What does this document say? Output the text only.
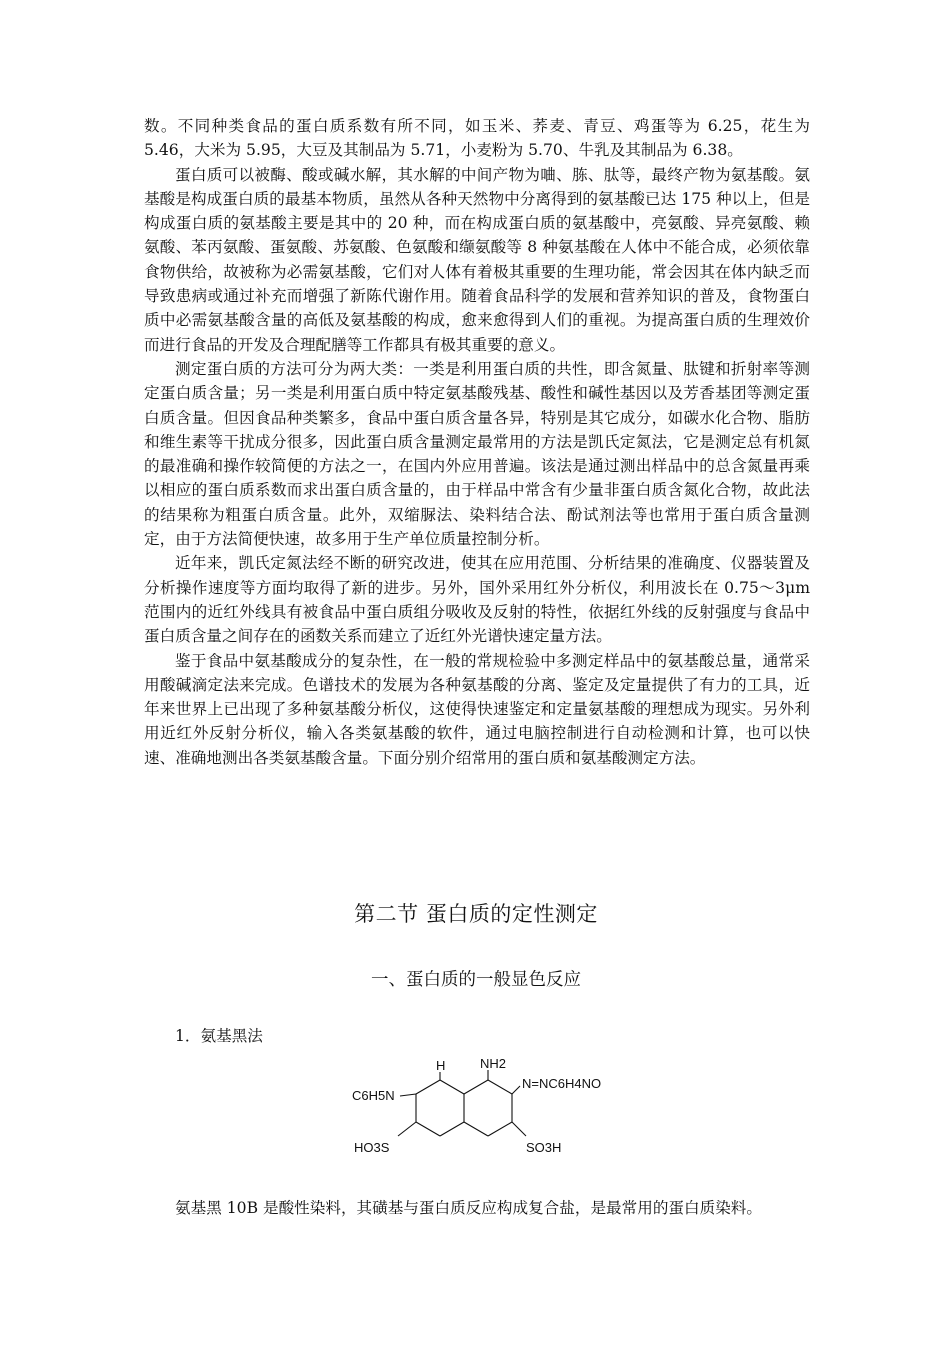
数。不同种类食品的蛋白质系数有所不同，如玉米、荞麦、青豆、鸡蛋等为 6.25，花生为 5.46，大米为 5.95，大豆及其制品为 5.71，小麦粉为 5.70、牛乳及其制品为 6.38。

蛋白质可以被酶、酸或碱水解，其水解的中间产物为㖆、胨、肽等，最终产物为氨基酸。氨基酸是构成蛋白质的最基本物质，虽然从各种天然物中分离得到的氨基酸已达 175 种以上，但是构成蛋白质的氨基酸主要是其中的 20 种，而在构成蛋白质的氨基酸中，亮氨酸、异亮氨酸、赖氨酸、苯丙氨酸、蛋氨酸、苏氨酸、色氨酸和缬氨酸等 8 种氨基酸在人体中不能合成，必须依靠食物供给，故被称为必需氨基酸，它们对人体有着极其重要的生理功能，常会因其在体内缺乏而导致患病或通过补充而增强了新陈代谢作用。随着食品科学的发展和营养知识的普及，食物蛋白质中必需氨基酸含量的高低及氨基酸的构成，愈来愈得到人们的重视。为提高蛋白质的生理效价而进行食品的开发及合理配膳等工作都具有极其重要的意义。

测定蛋白质的方法可分为两大类：一类是利用蛋白质的共性，即含氮量、肽键和折射率等测定蛋白质含量；另一类是利用蛋白质中特定氨基酸残基、酸性和碱性基因以及芳香基团等测定蛋白质含量。但因食品种类繁多，食品中蛋白质含量各异，特别是其它成分，如碳水化合物、脂肪和维生素等干扰成分很多，因此蛋白质含量测定最常用的方法是凯氏定氮法，它是测定总有机氮的最准确和操作较简便的方法之一，在国内外应用普遍。该法是通过测出样品中的总含氮量再乘以相应的蛋白质系数而求出蛋白质含量的，由于样品中常含有少量非蛋白质含氮化合物，故此法的结果称为粗蛋白质含量。此外，双缩脲法、染料结合法、酚试剂法等也常用于蛋白质含量测定，由于方法简便快速，故多用于生产单位质量控制分析。

近年来，凯氏定氮法经不断的研究改进，使其在应用范围、分析结果的准确度、仪器装置及分析操作速度等方面均取得了新的进步。另外，国外采用红外分析仪，利用波长在 0.75～3μm 范围内的近红外线具有被食品中蛋白质组分吸收及反射的特性，依据红外线的反射强度与食品中蛋白质含量之间存在的函数关系而建立了近红外光谱快速定量方法。

鉴于食品中氨基酸成分的复杂性，在一般的常规检验中多测定样品中的氨基酸总量，通常采用酸碱滴定法来完成。色谱技术的发展为各种氨基酸的分离、鉴定及定量提供了有力的工具，近年来世界上已出现了多种氨基酸分析仪，这使得快速鉴定和定量氨基酸的理想成为现实。另外利用近红外反射分析仪，输入各类氨基酸的软件，通过电脑控制进行自动检测和计算，也可以快速、准确地测出各类氨基酸含量。下面分别介绍常用的蛋白质和氨基酸测定方法。

第二节 蛋白质的定性测定
一、蛋白质的一般显色反应

1．氨基黑法

H	NH2
N=NC6H4NO
C6H5N
HO3S	SO3H

氨基黑 10B 是酸性染料，其磺基与蛋白质反应构成复合盐，是最常用的蛋白质染料。
